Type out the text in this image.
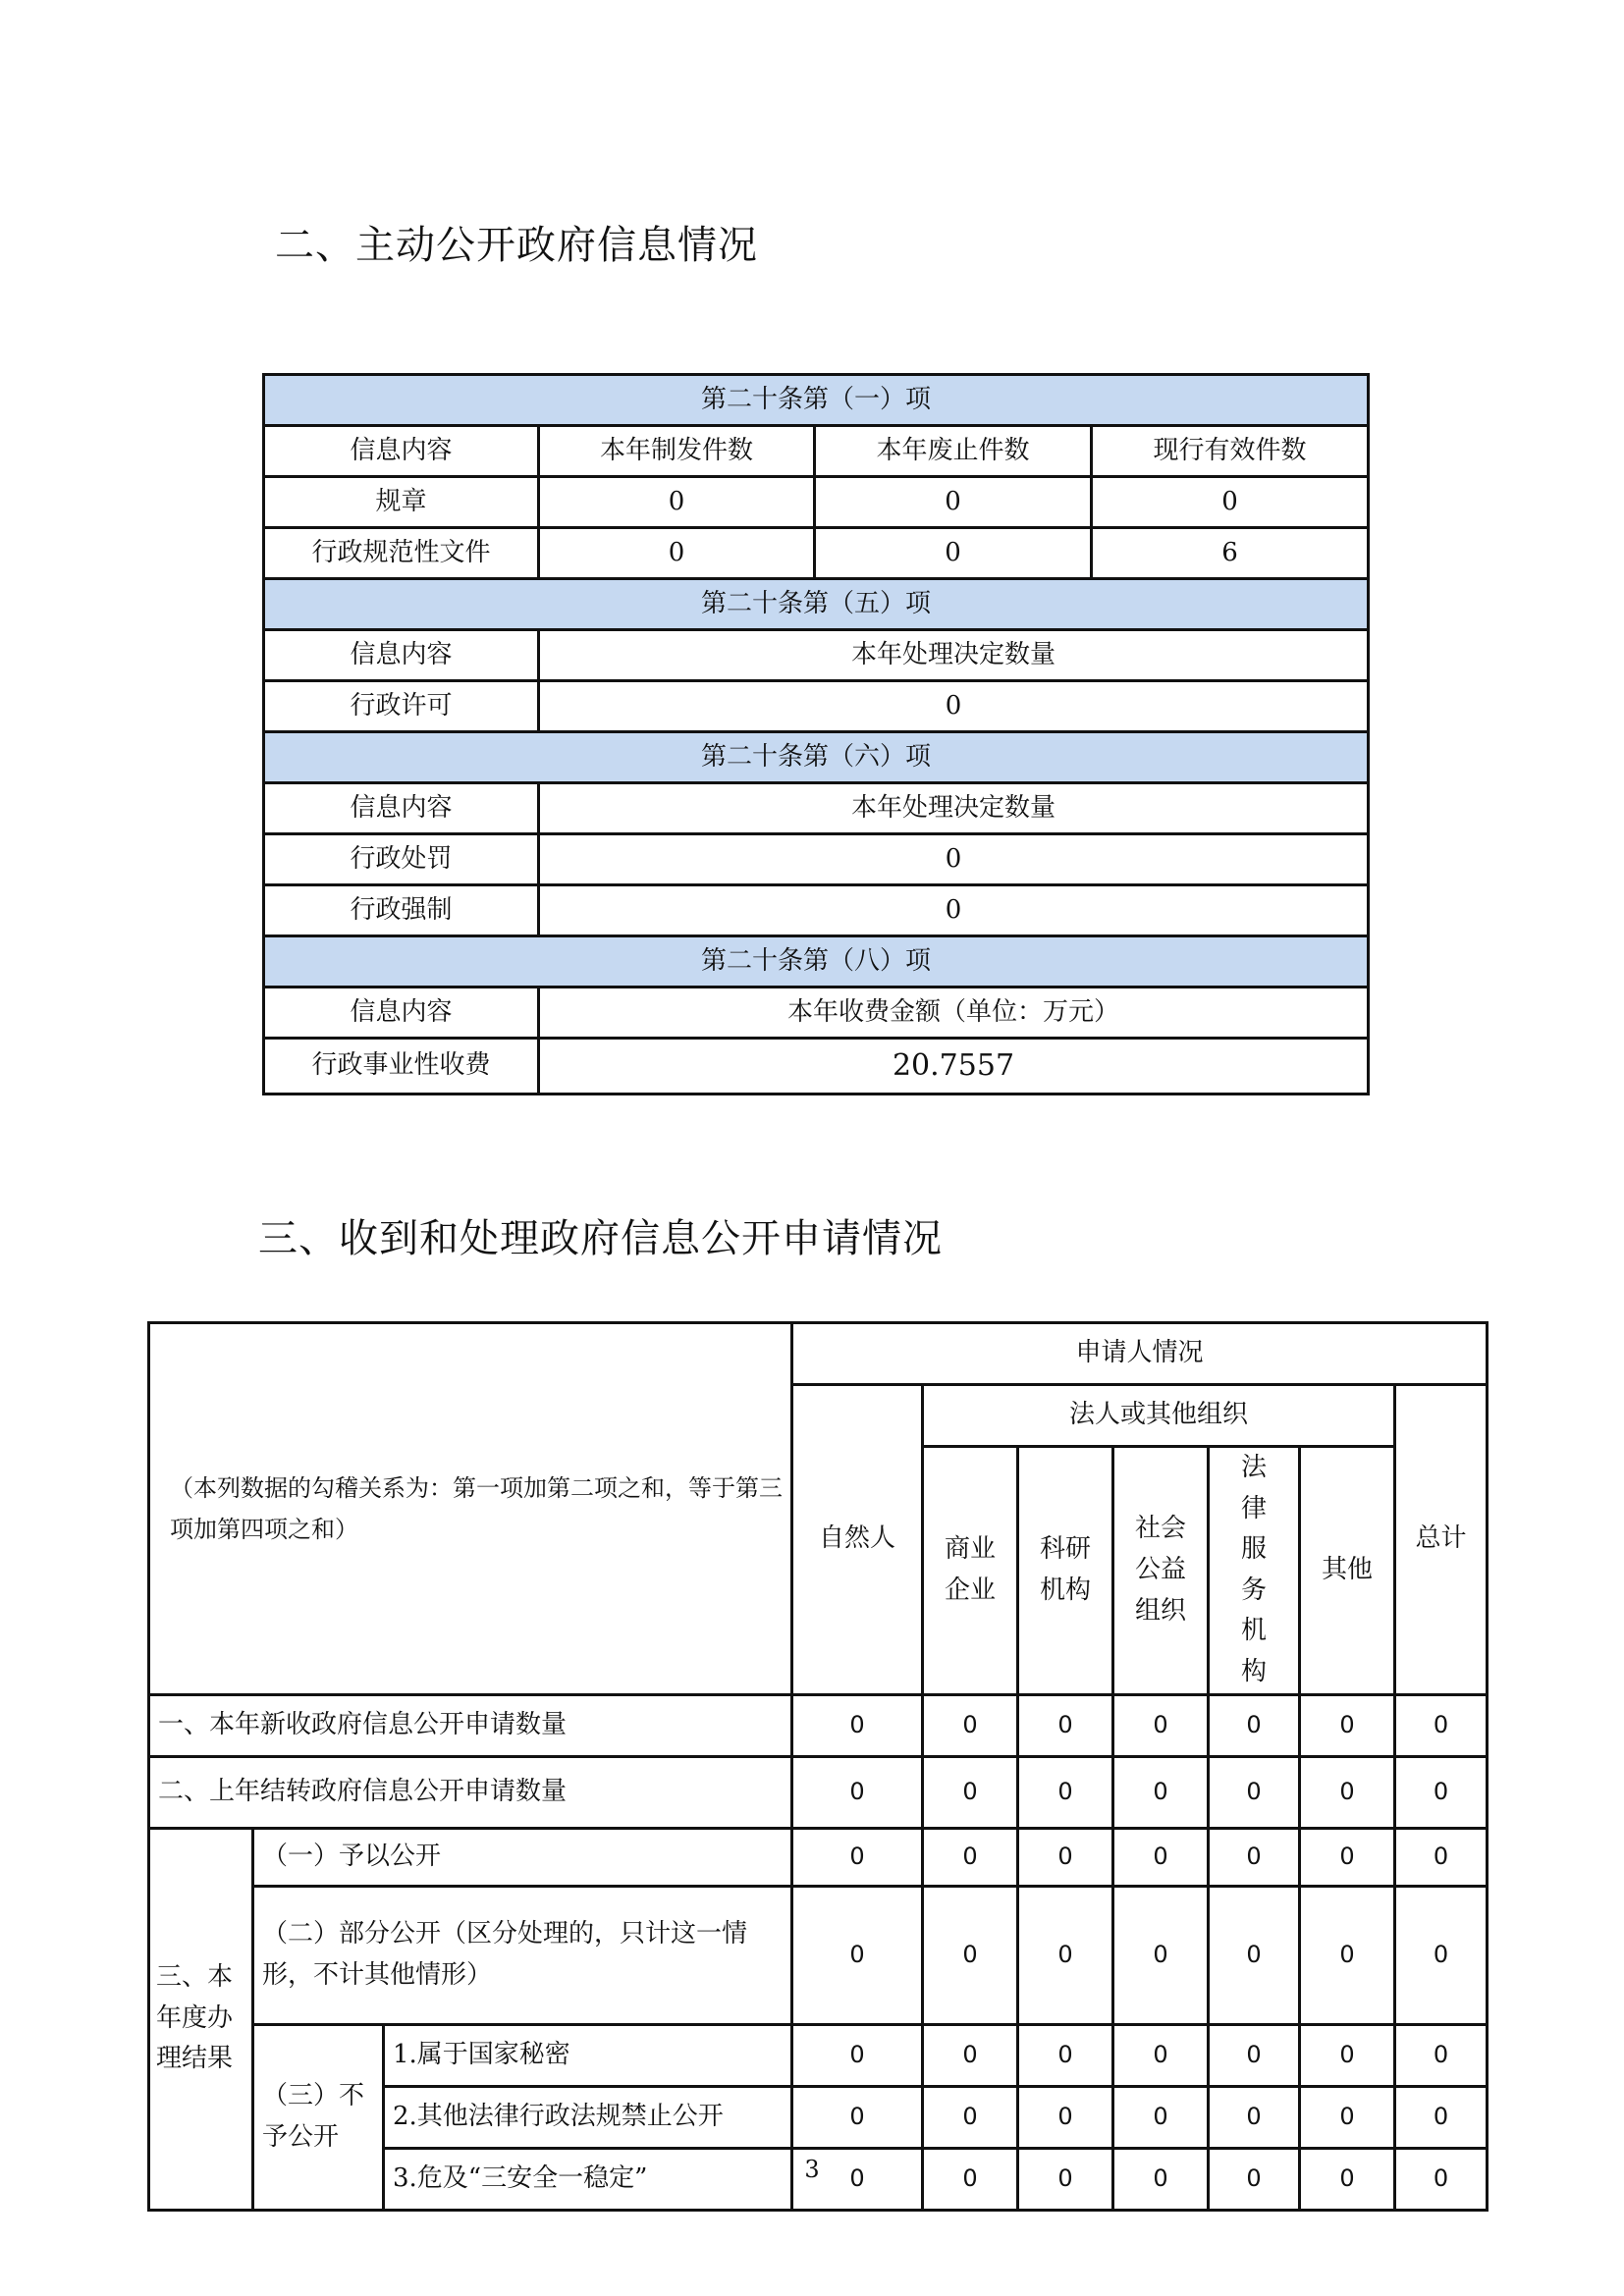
二、主动公开政府信息情况
第二十条第（一）项			
信息内容	本年制发件数	本年废止件数	现行有效件数
规章	0	0	0
行政规范性文件	0	0	6
第二十条第（五）项			
信息内容	本年处理决定数量		
行政许可	0		
第二十条第（六）项			
信息内容	本年处理决定数量		
行政处罚	0		
行政强制	0		
第二十条第（八）项			
信息内容	本年收费金额（单位：万元）		
行政事业性收费	20.7557		
三、收到和处理政府信息公开申请情况
（本列数据的勾稽关系为：第一项加第二项之和，等于第三项加第四项之和）			申请人情况						
			自然人	法人或其他组织					总计
				商业企业	科研机构	社会公益组织	法律服务机构	其他	
一、本年新收政府信息公开申请数量			0	0	0	0	0	0	0
二、上年结转政府信息公开申请数量			0	0	0	0	0	0	0
三、本年度办理结果	（一）予以公开		0	0	0	0	0	0	0
	（二）部分公开（区分处理的，只计这一情形，不计其他情形）		0	0	0	0	0	0	0
	（三）不予公开	1.属于国家秘密	0	0	0	0	0	0	0
		2.其他法律行政法规禁止公开	0	0	0	0	0	0	0
		3.危及“三安全一稳定”	0	0	0	0	0	0	0
3
